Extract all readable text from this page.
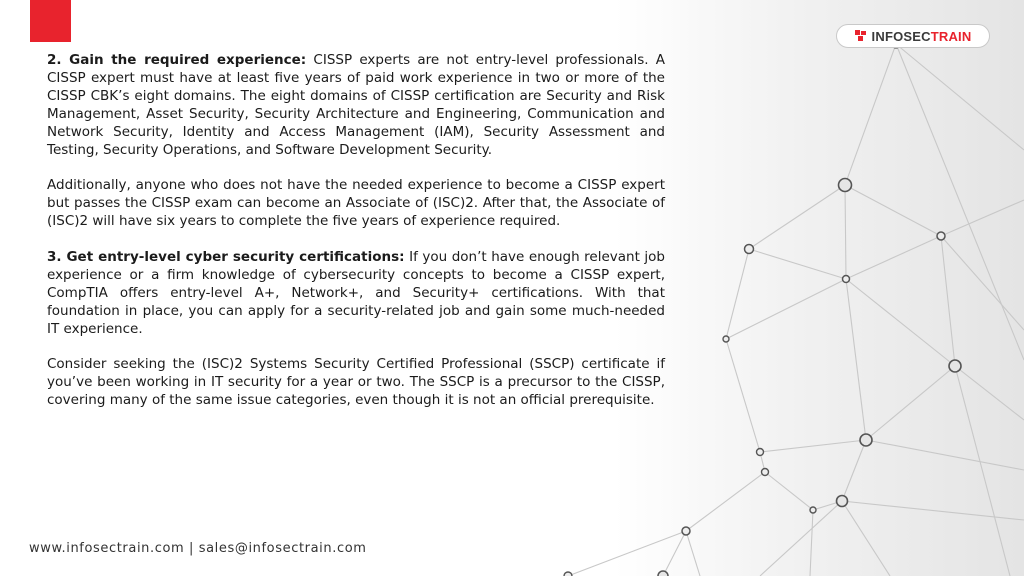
INFOSECTRAIN

2. Gain the required experience: CISSP experts are not entry-level professionals. A CISSP expert must have at least five years of paid work experience in two or more of the CISSP CBK’s eight domains. The eight domains of CISSP certification are Security and Risk Management, Asset Security, Security Architecture and Engineering, Communication and Network Security, Identity and Access Management (IAM), Security Assessment and Testing, Security Operations, and Software Development Security.

Additionally, anyone who does not have the needed experience to become a CISSP expert but passes the CISSP exam can become an Associate of (ISC)2. After that, the Associate of (ISC)2 will have six years to complete the five years of experience required.

3. Get entry-level cyber security certifications: If you don’t have enough relevant job experience or a firm knowledge of cybersecurity concepts to become a CISSP expert, CompTIA offers entry-level A+, Network+, and Security+ certifications. With that foundation in place, you can apply for a security-related job and gain some much-needed IT experience.

Consider seeking the (ISC)2 Systems Security Certified Professional (SSCP) certificate if you’ve been working in IT security for a year or two. The SSCP is a precursor to the CISSP, covering many of the same issue categories, even though it is not an official prerequisite.

www.infosectrain.com | sales@infosectrain.com
